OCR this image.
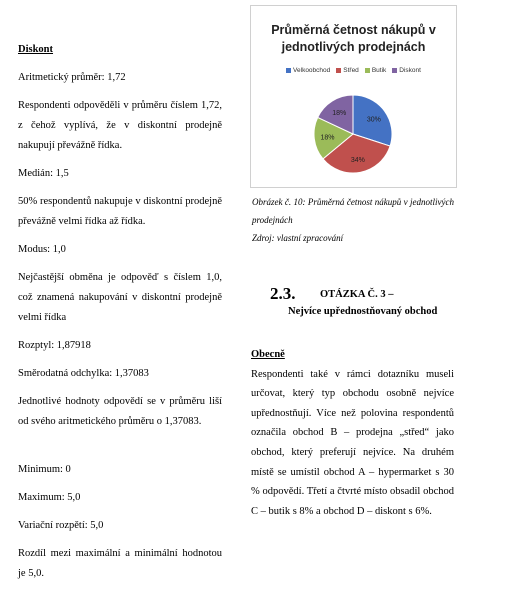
Diskont

Aritmetický průměr: 1,72

Respondenti odpověděli v průměru číslem 1,72, z čehož vyplívá, že v diskontní prodejně nakupují převážně řídka.

Medián: 1,5

50% respondentů nakupuje v diskontní prodejně převážně velmi řídka až řídka.

Modus: 1,0

Nejčastější obměna je odpověď s číslem 1,0, což znamená nakupování v diskontní prodejně velmi řídka

Rozptyl: 1,87918

Směrodatná odchylka: 1,37083

Jednotlivé hodnoty odpovědí se v průměru liší od svého aritmetického průměru o 1,37083.

Minimum: 0

Maximum: 5,0

Variační rozpětí: 5,0

Rozdíl mezi maximální a minimální hodnotou je 5,0.

Průměrná četnost nákupů v jednotlivých prodejnách
Velkoobchod Střed Butik Diskont
30%
34%
18%
18%

Obrázek č. 10: Průměrná četnost nákupů v jednotlivých prodejnách

Zdroj: vlastní zpracování

2.3. OTÁZKA Č. 3 –
Nejvíce upřednostňovaný obchod

Obecně

Respondenti také v rámci dotazníku museli určovat, který typ obchodu osobně nejvíce upřednostňují. Více než polovina respondentů označila obchod B – prodejna „střed“ jako obchod, který preferují nejvíce. Na druhém místě se umístil obchod A – hypermarket s 30 % odpovědí. Třetí a čtvrté místo obsadil obchod C – butik s 8% a obchod D – diskont s 6%.
